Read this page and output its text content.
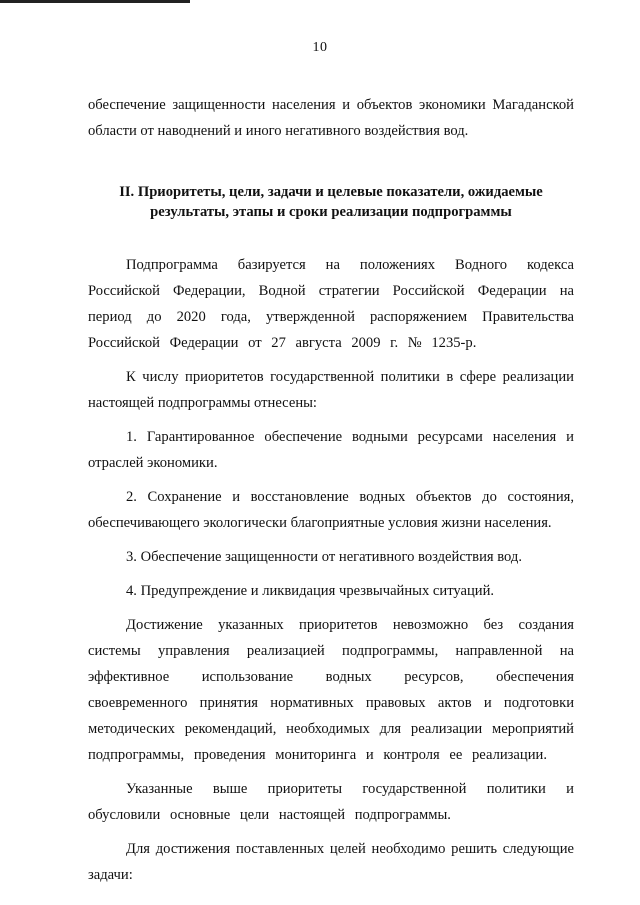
10

обеспечение защищенности населения и объектов экономики Магаданской области от наводнений и иного негативного воздействия вод.

II. Приоритеты, цели, задачи и целевые показатели, ожидаемые результаты, этапы и сроки реализации подпрограммы

Подпрограмма базируется на положениях Водного кодекса Российской Федерации, Водной стратегии Российской Федерации на период до 2020 года, утвержденной распоряжением Правительства Российской Федерации от 27 августа 2009 г. № 1235-р.

К числу приоритетов государственной политики в сфере реализации настоящей подпрограммы отнесены:

1. Гарантированное обеспечение водными ресурсами населения и отраслей экономики.

2. Сохранение и восстановление водных объектов до состояния, обеспечивающего экологически благоприятные условия жизни населения.

3. Обеспечение защищенности от негативного воздействия вод.

4. Предупреждение и ликвидация чрезвычайных ситуаций.

Достижение указанных приоритетов невозможно без создания системы управления реализацией подпрограммы, направленной на эффективное использование водных ресурсов, обеспечения своевременного принятия нормативных правовых актов и подготовки методических рекомендаций, необходимых для реализации мероприятий подпрограммы, проведения мониторинга и контроля ее реализации.

Указанные выше приоритеты государственной политики и обусловили основные цели настоящей подпрограммы.

Для достижения поставленных целей необходимо решить следующие задачи:
